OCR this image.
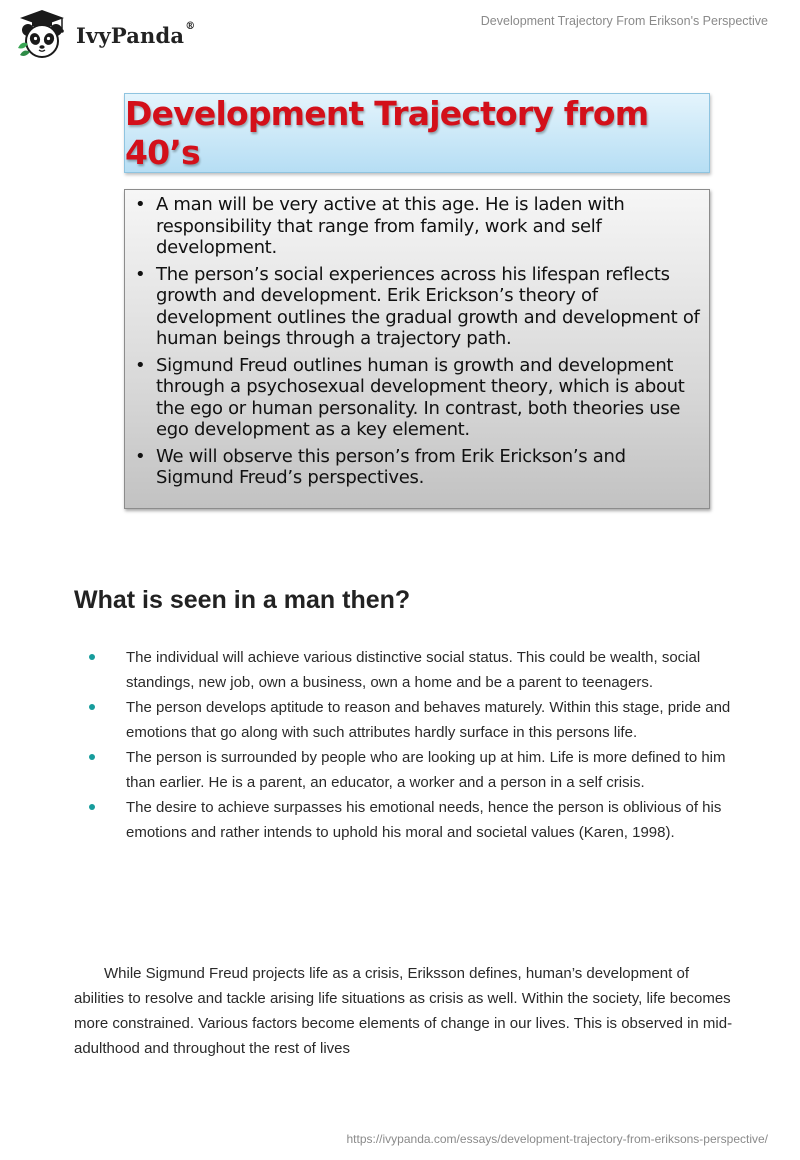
IvyPanda®	Development Trajectory From Erikson's Perspective
Development Trajectory from 40’s
• A man will be very active at this age. He is laden with responsibility that range from family, work and self development.
• The person’s social experiences across his lifespan reflects growth and development. Erik Erickson’s theory of development outlines the gradual growth and development of human beings through a trajectory path.
• Sigmund Freud outlines human is growth and development through a psychosexual development theory, which is about the ego or human personality. In contrast, both theories use ego development as a key element.
• We will observe this person’s from Erik Erickson’s and Sigmund Freud’s perspectives.
What is seen in a man then?
The individual will achieve various distinctive social status. This could be wealth, social standings, new job, own a business, own a home and be a parent to teenagers.
The person develops aptitude to reason and behaves maturely. Within this stage, pride and emotions that go along with such attributes hardly surface in this persons life.
The person is surrounded by people who are looking up at him. Life is more defined to him than earlier. He is a parent, an educator, a worker and a person in a self crisis.
The desire to achieve surpasses his emotional needs, hence the person is oblivious of his emotions and rather intends to uphold his moral and societal values (Karen, 1998).

While Sigmund Freud projects life as a crisis, Eriksson defines, human’s development of abilities to resolve and tackle arising life situations as crisis as well. Within the society, life becomes more constrained. Various factors become elements of change in our lives. This is observed in mid-adulthood and throughout the rest of lives

https://ivypanda.com/essays/development-trajectory-from-eriksons-perspective/
